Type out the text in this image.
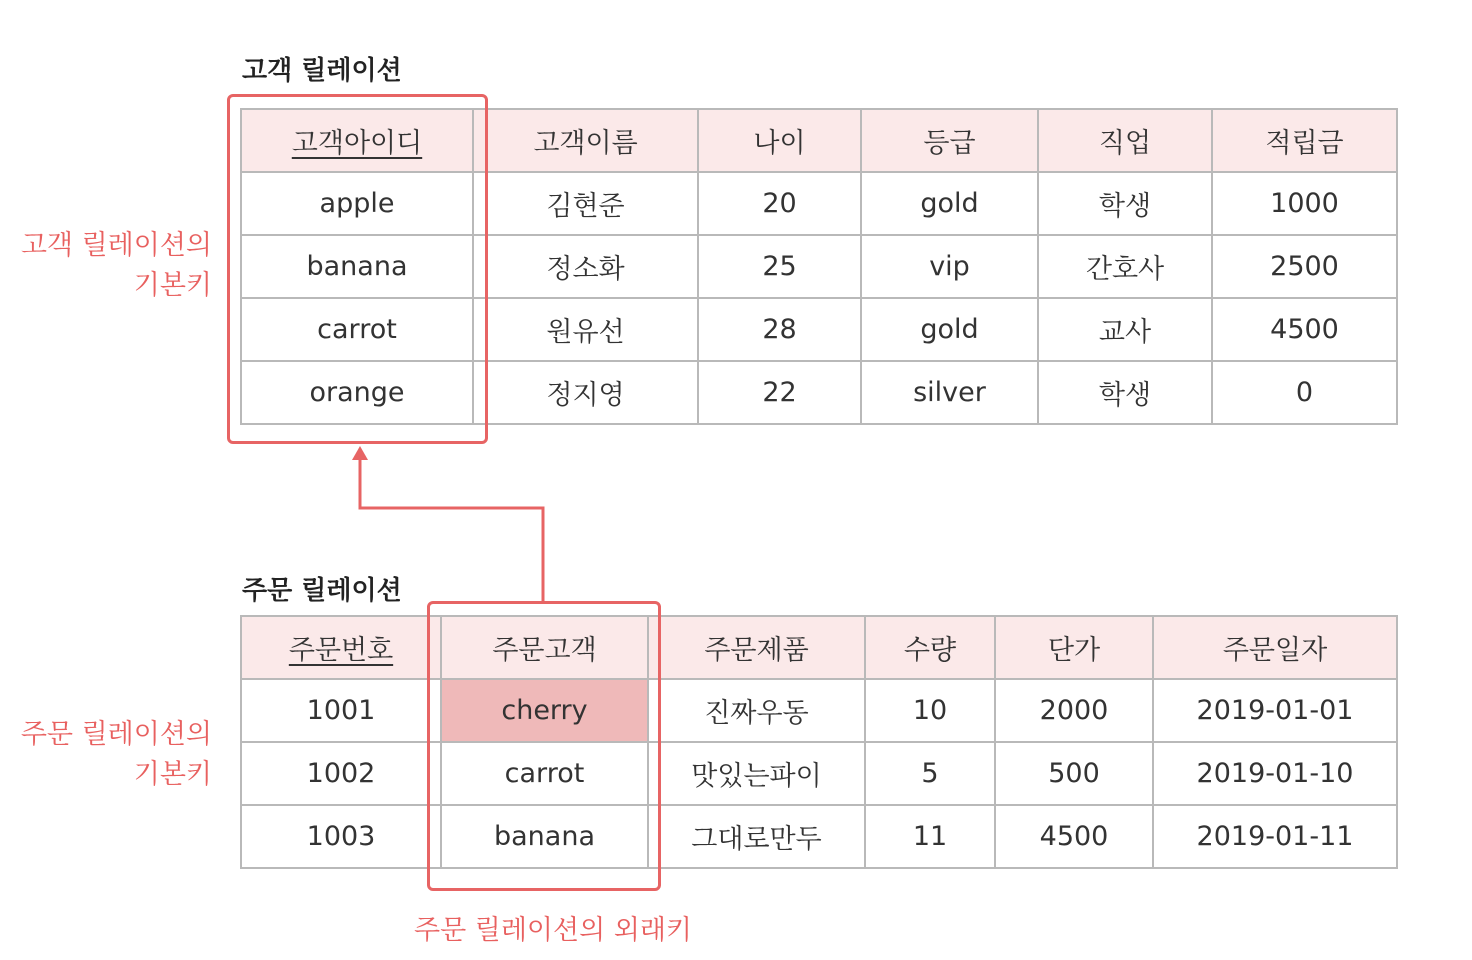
고객 릴레이션
고객아이디	고객이름	나이	등급	직업	적립금
apple	김현준	20	gold	학생	1000
banana	정소화	25	vip	간호사	2500
carrot	원유선	28	gold	교사	4500
orange	정지영	22	silver	학생	0
고객 릴레이션의
기본키
주문 릴레이션
주문번호	주문고객	주문제품	수량	단가	주문일자
1001	cherry	진짜우동	10	2000	2019-01-01
1002	carrot	맛있는파이	5	500	2019-01-10
1003	banana	그대로만두	11	4500	2019-01-11
주문 릴레이션의
기본키
주문 릴레이션의 외래키
